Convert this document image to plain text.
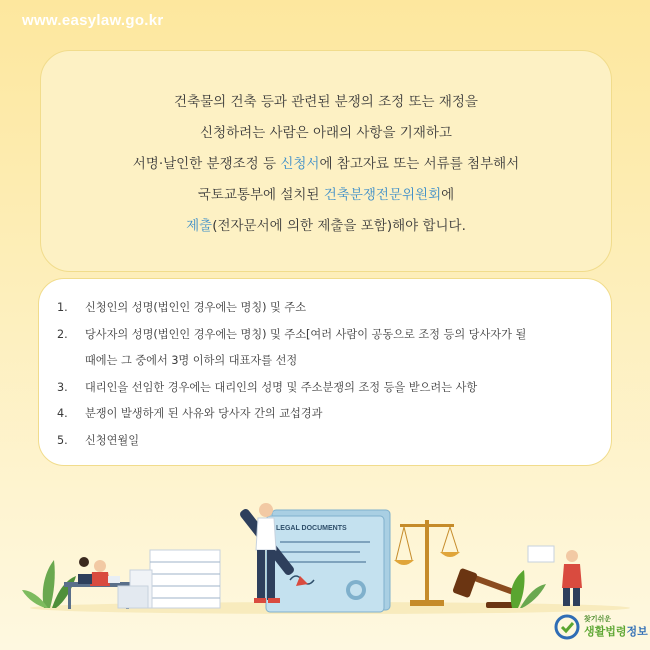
www.easylaw.go.kr

건축물의 건축 등과 관련된 분쟁의 조정 또는 재정을

신청하려는 사람은 아래의 사항을 기재하고

서명·날인한 분쟁조정 등 신청서에 참고자료 또는 서류를 첨부해서

국토교통부에 설치된 건축분쟁전문위원회에

제출(전자문서에 의한 제출을 포함)해야 합니다.

1. 신청인의 성명(법인인 경우에는 명칭) 및 주소
2. 당사자의 성명(법인인 경우에는 명칭) 및 주소[여러 사람이 공동으로 조정 등의 당사자가 될
때에는 그 중에서 3명 이하의 대표자를 선정
3. 대리인을 선임한 경우에는 대리인의 성명 및 주소분쟁의 조정 등을 받으려는 사항
4. 분쟁이 발생하게 된 사유와 당사자 간의 교섭경과
5. 신청연월일
LEGAL DOCUMENTS
찾기쉬운
생활법령정보
